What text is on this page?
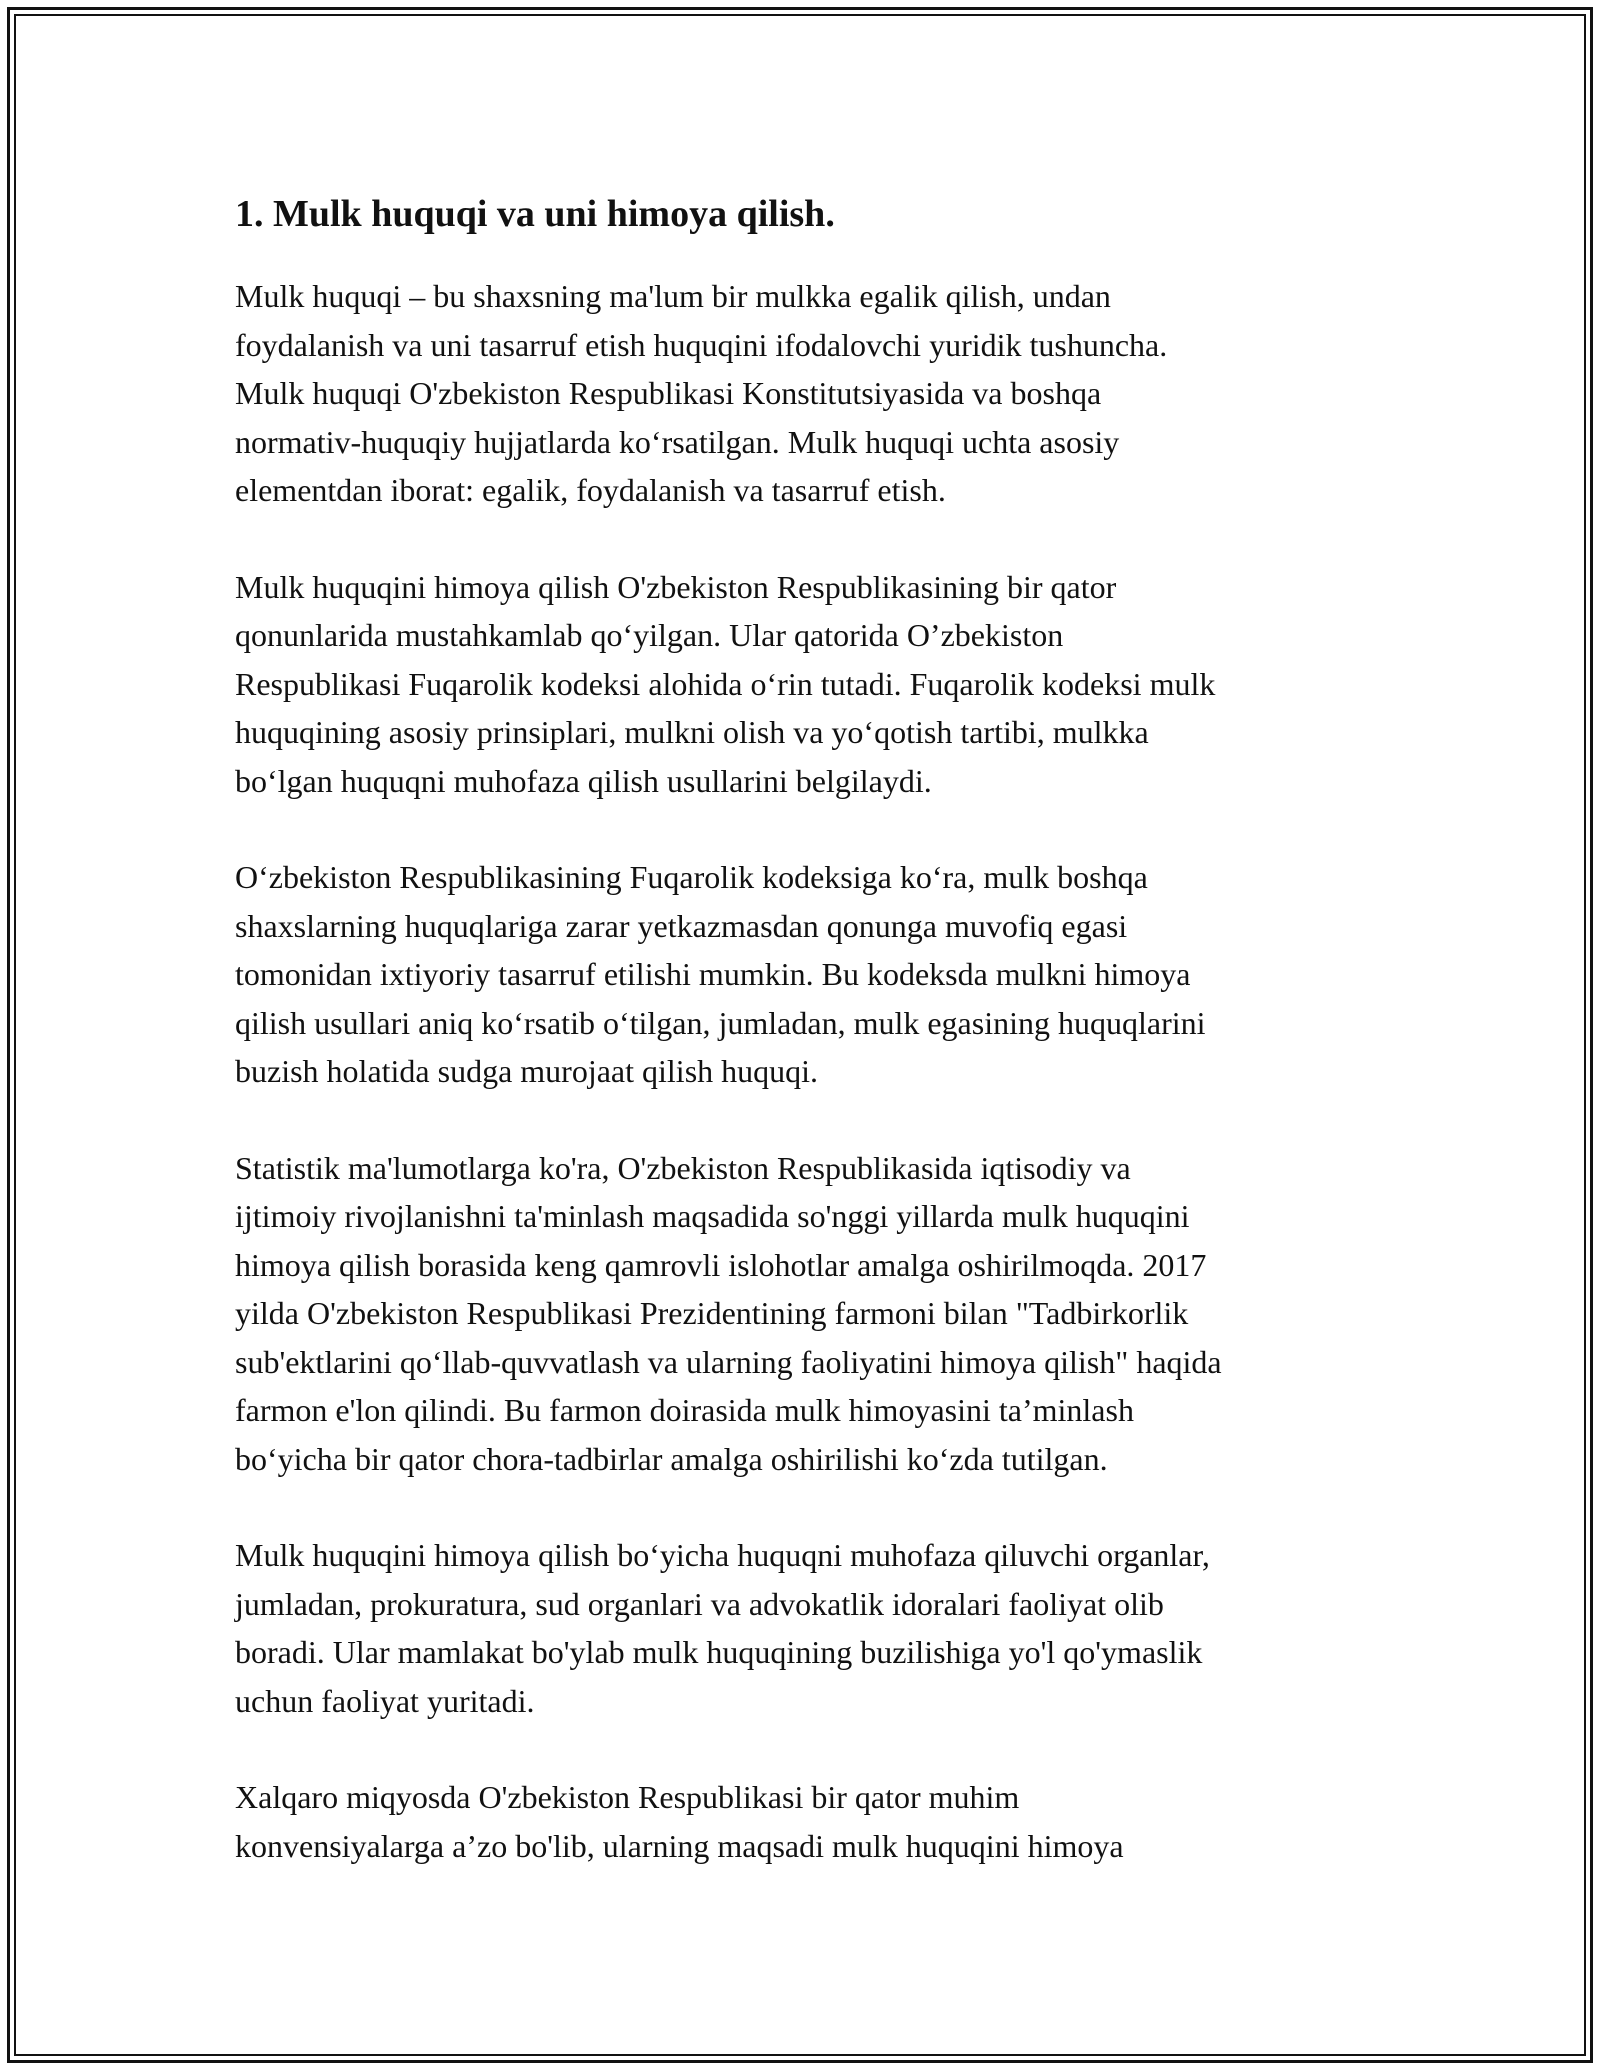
1. Mulk huquqi va uni himoya qilish.

Mulk huquqi – bu shaxsning ma'lum bir mulkka egalik qilish, undan
foydalanish va uni tasarruf etish huquqini ifodalovchi yuridik tushuncha.
Mulk huquqi O'zbekiston Respublikasi Konstitutsiyasida va boshqa
normativ-huquqiy hujjatlarda koʻrsatilgan. Mulk huquqi uchta asosiy
elementdan iborat: egalik, foydalanish va tasarruf etish.

Mulk huquqini himoya qilish O'zbekiston Respublikasining bir qator
qonunlarida mustahkamlab qoʻyilgan. Ular qatorida O’zbekiston
Respublikasi Fuqarolik kodeksi alohida oʻrin tutadi. Fuqarolik kodeksi mulk
huquqining asosiy prinsiplari, mulkni olish va yoʻqotish tartibi, mulkka
boʻlgan huquqni muhofaza qilish usullarini belgilaydi.

Oʻzbekiston Respublikasining Fuqarolik kodeksiga koʻra, mulk boshqa
shaxslarning huquqlariga zarar yetkazmasdan qonunga muvofiq egasi
tomonidan ixtiyoriy tasarruf etilishi mumkin. Bu kodeksda mulkni himoya
qilish usullari aniq koʻrsatib oʻtilgan, jumladan, mulk egasining huquqlarini
buzish holatida sudga murojaat qilish huquqi.

Statistik ma'lumotlarga ko'ra, O'zbekiston Respublikasida iqtisodiy va
ijtimoiy rivojlanishni ta'minlash maqsadida so'nggi yillarda mulk huquqini
himoya qilish borasida keng qamrovli islohotlar amalga oshirilmoqda. 2017
yilda O'zbekiston Respublikasi Prezidentining farmoni bilan "Tadbirkorlik
sub'ektlarini qoʻllab-quvvatlash va ularning faoliyatini himoya qilish" haqida
farmon e'lon qilindi. Bu farmon doirasida mulk himoyasini ta’minlash
boʻyicha bir qator chora-tadbirlar amalga oshirilishi koʻzda tutilgan.

Mulk huquqini himoya qilish boʻyicha huquqni muhofaza qiluvchi organlar,
jumladan, prokuratura, sud organlari va advokatlik idoralari faoliyat olib
boradi. Ular mamlakat bo'ylab mulk huquqining buzilishiga yo'l qo'ymaslik
uchun faoliyat yuritadi.

Xalqaro miqyosda O'zbekiston Respublikasi bir qator muhim
konvensiyalarga a’zo bo'lib, ularning maqsadi mulk huquqini himoya
